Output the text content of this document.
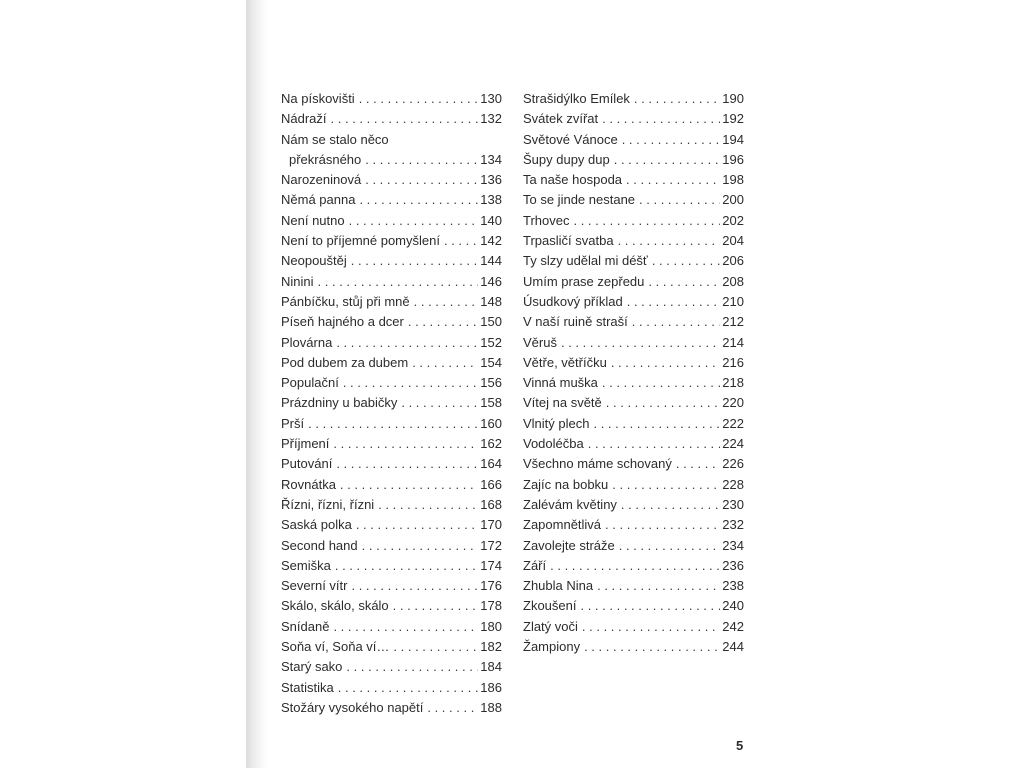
Na pískovišti . . .	130
Nádraží . . .	132
Nám se stalo něco
překrásného . . .	134
Narozeninová . . .	136
Němá panna . . .	138
Není nutno . . .	140
Není to příjemné pomyšlení . . .	142
Neopouštěj . . .	144
Ninini . . .	146
Pánbíčku, stůj při mně . . .	148
Píseň hajného a dcer . . .	150
Plovárna . . .	152
Pod dubem za dubem . . .	154
Populační . . .	156
Prázdniny u babičky . . .	158
Prší . . .	160
Příjmení . . .	162
Putování . . .	164
Rovnátka . . .	166
Řízni, řízni, řízni . . .	168
Saská polka . . .	170
Second hand . . .	172
Semiška . . .	174
Severní vítr . . .	176
Skálo, skálo, skálo . . .	178
Snídaně . . .	180
Soňa ví, Soňa ví… . . .	182
Starý sako . . .	184
Statistika . . .	186
Stožáry vysokého napětí . . .	188
Strašidýlko Emílek . . .	190
Svátek zvířat . . .	192
Světové Vánoce . . .	194
Šupy dupy dup . . .	196
Ta naše hospoda . . .	198
To se jinde nestane . . .	200
Trhovec . . .	202
Trpasličí svatba . . .	204
Ty slzy udělal mi déšť . . .	206
Umím prase zepředu . . .	208
Úsudkový příklad . . .	210
V naší ruině straší . . .	212
Věruš . . .	214
Větře, větříčku . . .	216
Vinná muška . . .	218
Vítej na světě . . .	220
Vlnitý plech . . .	222
Vodoléčba . . .	224
Všechno máme schovaný . . .	226
Zajíc na bobku . . .	228
Zalévám květiny . . .	230
Zapomnětlivá . . .	232
Zavolejte stráže . . .	234
Září . . .	236
Zhubla Nina . . .	238
Zkoušení . . .	240
Zlatý voči . . .	242
Žampiony . . .	244
5
